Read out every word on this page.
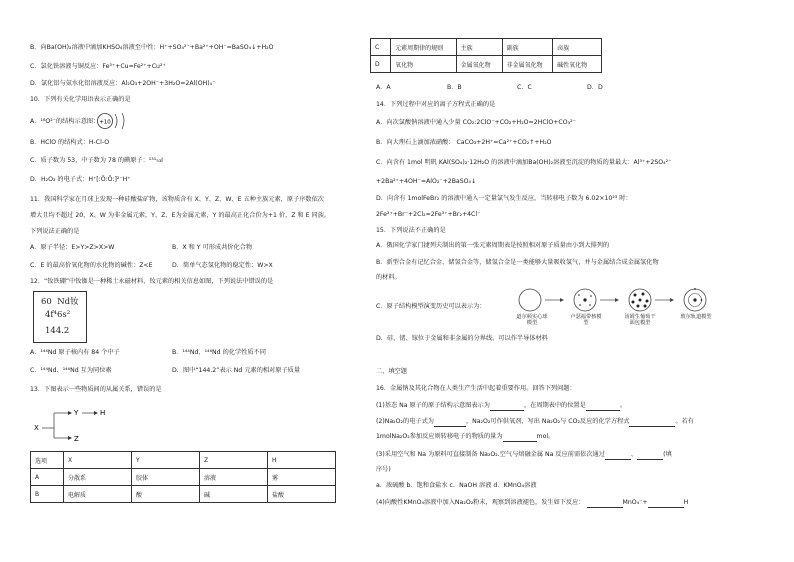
B．向Ba(OH)₂溶液中滴加KHSO₄溶液至中性：H⁺+SO₄²⁻+Ba²⁺+OH⁻=BaSO₄↓+H₂O
C．氯化铁溶液与铜反应：Fe³⁺+Cu=Fe²⁺+Cu²⁺
D．氯化铝与氨水化铝溶液反应：Al₂O₃+2OH⁻+3H₂O=2Al(OH)₄⁻
10．下列有关化学用语表示正确的是
A．¹⁸O²⁻的结构示意图： +10
B．HClO 的结构式：H-Cl-O
C．质子数为 53，中子数为 78 的碘原子：¹³¹₅₃I
D．H₂O₂ 的电子式：H⁺[:Ö:Ö:]²⁻H⁺
11．我国科学家在月球上发现一种硅酸盐矿物，该物质含有 X、Y、Z、W、E 五种主族元素，原子序数依次
增大且均不超过 20，X、W 为非金属元素，Y、Z、E为金属元素，Y 的最高正化合价为+1 价，Z 和 E 同族。
下列说法正确的是
A．原子半径：E>Y>Z>X>W	B．X 和 Y 可形成共价化合物
C．E 的最高价氧化物的水化物的碱性：Z<E	D．简单气态氢化物的稳定性：W>X
12．“钕铁硼”中钕铷是一种稀土永磁材料，钕元素的相关信息如图，下列说法中错误的是
60 Nd钕
4f⁴6s²
144.2
A．¹⁴⁴Nd 原子核内有 84 个中子	B．¹⁴⁴Nd、¹⁴⁶Nd 的化学性质不同
C．¹⁴⁴Nd、¹⁴⁶Nd 互为同位素	D．图中“144.2”表示 Nd 元素的相对原子质量
13．下图表示一些物质间的从属关系，错误的是
X
Y	H
Z
选项	X	Y	Z	H
A	分散系	胶体	溶液	雾
B	电解质	酸	碱	盐酸
C	元素周期律的规则	主族	副族	卤族
D	氧化物	金属氧化物	非金属氧化物	碱性氧化物
A．A	B．B	C．C	D．D
14．下列过程中对应的离子方程式正确的是
A．向次氯酸钠溶液中通入少量 CO₂:2ClO⁻+CO₂+H₂O=2HClO+CO₃²⁻
B．向大理石上滴加浓硝酸： CaCO₃+2H⁺=Ca²⁺+CO₂↑+H₂O
C．向含有 1mol 明矾 KAl(SO₄)₂·12H₂O 的溶液中滴加Ba(OH)₂溶液至沉淀的物质的量最大：Al³⁺+2SO₄²⁻
+2Ba²⁺+4OH⁻=AlO₂⁻+2BaSO₄↓
D．向含有 1molFeBr₂ 的溶液中通入一定量氯气发生反应，当转移电子数为 6.02×10²³ 时：
2Fe²⁺+Br⁻+2Cl₂=2Fe³⁺+Br₂+4Cl⁻
15．下列说法不正确的是
A．俄国化学家门捷列夫制出的第一张元素周期表是按照相对原子质量由小到大排列的
B．新型合金有记忆合金、储氢合金等，储氢合金是一类能够大量吸收氢气，并与金属结合成金属氢化物
的材料。
C．原子结构模型演变历史可以表示为：
道尔顿实心球模型
卢瑟福带核模型
汤姆生葡萄干面包模型
玻尔轨道模型
D．硅、锗、镓位于金属和非金属的分界线，可以作半导体材料
二、填空题
16．金属钠及其化合物在人类生产生活中起着重要作用。回答下列问题：
(1)基态 Na 原子的原子结构示意图表示为	，在周期表中的位置是	。
(2)Na₂O₂的电子式为	，Na₂O₂可作供氧剂，写出 Na₂O₂与 CO₂反应的化学方程式	。若有
1molNa₂O₂参加反应则转移电子的物质的量为	mol。
(3)采用空气和 Na 为原料可直接制备 Na₂O₂.空气与熔融金属 Na 反应前需依次通过	、	(填
序号)
a．浓硫酸 b．饱和食盐水 c．NaOH 溶液 d．KMnO₄溶液
(4)向酸性KMnO₄溶液中加入Na₂O₂粉末，观察到溶液褪色，发生如下反应：	MnO₄⁻+	H
